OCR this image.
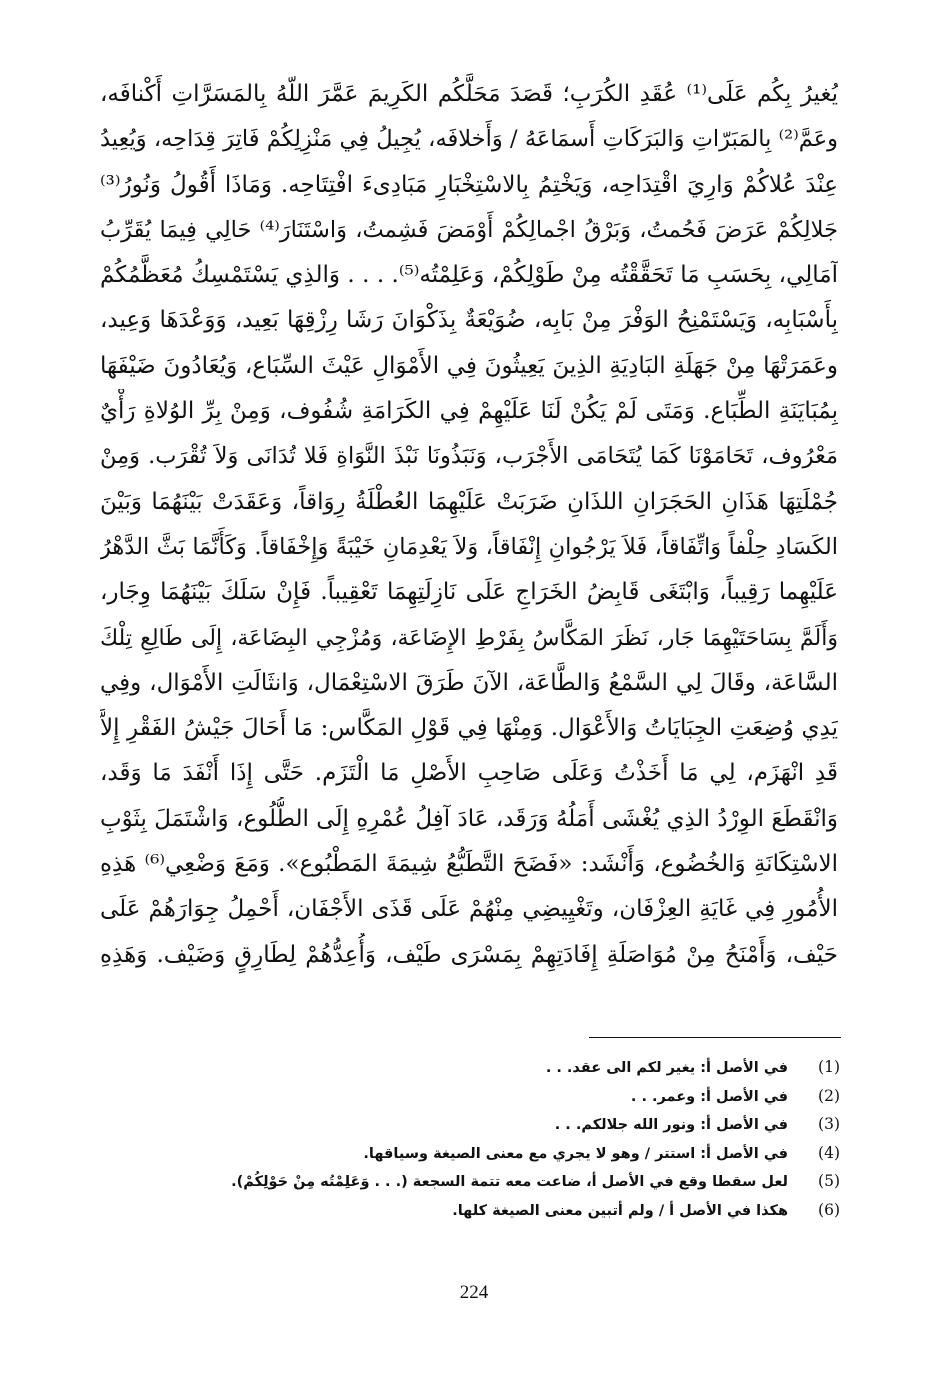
يُغيرُ بِكُم عَلَى⁽¹⁾ عُقَدِ الكُرَبِ؛ قَصَدَ مَحَلَّكُم الكَرِيمَ عَمَّرَ اللّهُ بِالمَسَرَّاتِ أَكْنافَه،
وعَمَّ⁽²⁾ بِالمَبَرّاتِ وَالبَرَكَاتِ أَسمَاعَهُ / وَأَخلافَه، يُجِيلُ فِي مَنْزِلِكُمْ فَاتِرَ قِدَاحِه، وَيُعِيدُ
عِنْدَ عُلاكُمْ وَارِيَ اقْتِدَاحِه، وَيَخْتِمُ بِالاسْتِخْبَارِ مَبَادِىءَ افْتِتَاحِه. وَمَاذَا أَقُولُ وَنُورُ⁽³⁾
جَلالِكُمْ عَرَضَ فَحُمتُ، وَبَرْقُ اجْمالِكُمْ أَوْمَضَ فَشِمتُ، وَاسْتَنَارَ⁽⁴⁾ حَالِي فِيمَا يُقَرِّبُ
آمَالِي، بِحَسَبِ مَا تَحَقَّقْتُه مِنْ طَوْلِكُمْ، وَعَلِمْتُه⁽⁵⁾. . . . وَالذِي يَسْتَمْسِكُ مُعَظَّمُكُمْ
بِأَسْبَابِه، وَيَسْتَمْنِحُ الوَفْرَ مِنْ بَابِه، ضُوَيْعَةٌ بِذَكْوَانَ رَشَا رِزْقِهَا بَعِيد، وَوَعْدَهَا وَعِيد،
وعَمَرَتْهَا مِنْ جَهَلَةِ البَادِيَةِ الذِينَ يَعِيثُونَ فِي الأَمْوَالِ عَيْثَ السِّبَاع، وَيُعَادُونَ ضَيْفَهَا
بِمُبَايَنَةِ الطِّبَاع. وَمَتَى لَمْ يَكُنْ لَنَا عَلَيْهِمْ فِي الكَرَامَةِ شُفُوف، وَمِنْ بِرِّ الوُلاةِ رَأْيٌ
مَعْرُوف، تَحَامَوْنَا كَمَا يُتَحَامَى الأَجْرَب، وَنَبَذُونَا نَبْذَ النَّوَاةِ فَلا تُدَانَى وَلاَ تُقْرَب. وَمِنْ
جُمْلَتِهَا هَذَانِ الحَجَرَانِ اللذَانِ ضَرَبَتْ عَلَيْهِمَا العُطْلَةُ رِوَاقاً، وَعَقَدَتْ بَيْنَهُمَا وَبَيْنَ
الكَسَادِ حِلْفاً وَاتِّفَاقاً، فَلاَ يَرْجُوانِ إِنْفَاقاً، وَلاَ يَعْدِمَانِ خَيْبَةً وَإِخْفَاقاً. وَكَأَنَّمَا بَثَّ الدَّهْرُ
عَلَيْهِما رَقِيباً، وَابْتَغَى قَابِضُ الخَرَاجِ عَلَى نَازِلَتِهِمَا تَعْقِيباً. فَإِنْ سَلَكَ بَيْنَهُمَا وِجَار،
وَأَلَمَّ بِسَاحَتَيْهِمَا جَار، نَظَرَ المَكَّاسُ بِفَرْطِ الإِضَاعَة، وَمُزْجِي البِضَاعَة، إِلَى طَالِعِ تِلْكَ
السَّاعَة، وقَالَ لِي السَّمْعُ وَالطَّاعَة، الآنَ طَرَقَ الاسْتِعْمَال، وَانثَالَتِ الأَمْوَال، وفِي
يَدِي وُضِعَتِ الجِبَايَاتُ وَالأَعْوَال. وَمِنْهَا فِي قَوْلِ المَكَّاس: مَا أَحَالَ جَيْشُ الفَقْرِ إِلاَّ
قَدِ انْهَزَم، لِي مَا أَخَذْتُ وَعَلَى صَاحِبِ الأَصْلِ مَا الْتَزَم. حَتَّى إِذَا أَنْفَدَ مَا وَقَد،
وَانْقَطَعَ الوِرْدُ الذِي يُغْشَى أَمَلُهُ وَرَقَد، عَادَ آفِلُ عُمْرِهِ إِلَى الطُّلُوع، وَاشْتَمَلَ بِثَوْبِ
الاسْتِكَانَةِ وَالخُضُوع، وَأَنْشَد: «فَضَحَ التَّطَبُّعُ شِيمَةَ المَطْبُوع». وَمَعَ وَضْعِي⁽⁶⁾ هَذِهِ
الأُمُورِ فِي غَايَةِ العِزْفَان، وتَغْيِيضِي مِنْهُمْ عَلَى قَذَى الأَجْفَان، أَحْمِلُ جِوَارَهُمْ عَلَى
حَيْف، وَأَمْنَحُ مِنْ مُوَاصَلَةِ إِفَادَتِهِمْ بِمَسْرَى طَيْف، وَأُعِدُّهُمْ لِطَارِقٍ وَضَيْف. وَهَذِهِ
(1)
في الأصل أ: يغير لكم الى عقد. . .
(2)
في الأصل أ: وعمر. . .
(3)
في الأصل أ: ونور الله جلالكم. . .
(4)
في الأصل أ: استتر / وهو لا يجري مع معنى الصيغة وسياقها.
(5)
لعل سقطا وقع في الأصل أ، ضاعت معه تتمة السجعة (. . . وَعَلِمْتُه مِنْ حَوْلِكُمْ).
(6)
هكذا في الأصل أ / ولم أتبين معنى الصيغة كلها.
224
